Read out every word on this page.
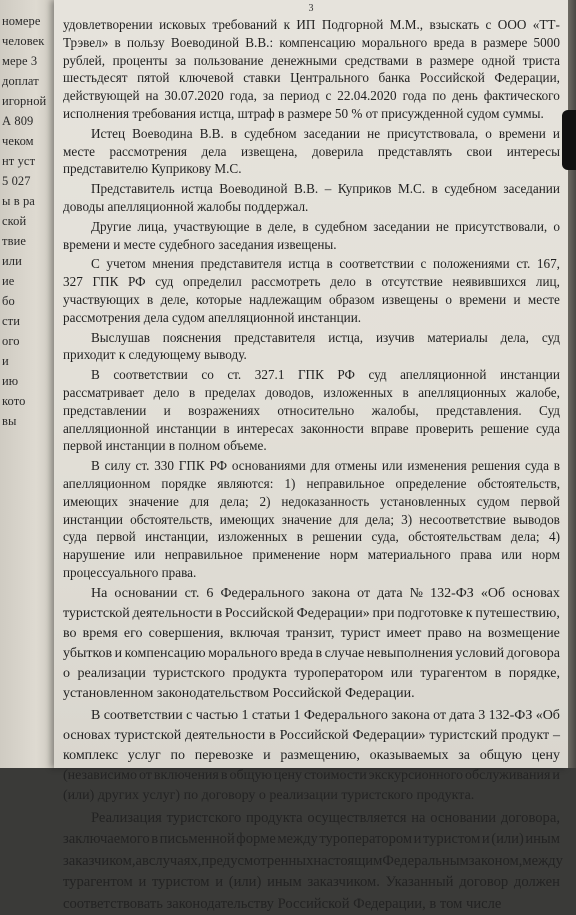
номере
человек
мере 3
доплат
игорной
А 809
чеком
нт уст
5 027
ы в ра
ской
твие
или
ие
бо
сти
ого
и
ию
кото
вы
3
удовлетворении исковых требований к ИП Подгорной М.М., взыскать с ООО «ТТ-
Трэвел» в пользу Воеводиной В.В.: компенсацию морального вреда в размере 5000
рублей, проценты за пользование денежными средствами в размере одной триста
шестьдесят пятой ключевой ставки Центрального банка Российской Федерации,
действующей на 30.07.2020 года, за период с 22.04.2020 года по день фактического
исполнения требования истца, штраф в размере 50 % от присужденной судом суммы.
Истец Воеводина В.В. в судебном заседании не присутствовала, о времени и
месте рассмотрения дела извещена, доверила представлять свои интересы
представителю Куприкову М.С.
Представитель истца Воеводиной В.В. – Куприков М.С. в судебном заседании
доводы апелляционной жалобы поддержал.
Другие лица, участвующие в деле, в судебном заседании не присутствовали, о
времени и месте судебного заседания извещены.
С учетом мнения представителя истца в соответствии с положениями ст. 167,
327 ГПК РФ суд определил рассмотреть дело в отсутствие неявившихся лиц,
участвующих в деле, которые надлежащим образом извещены о времени и месте
рассмотрения дела судом апелляционной инстанции.
Выслушав пояснения представителя истца, изучив материалы дела, суд
приходит к следующему выводу.
В соответствии со ст. 327.1 ГПК РФ суд апелляционной инстанции
рассматривает дело в пределах доводов, изложенных в апелляционных жалобе,
представлении и возражениях относительно жалобы, представления. Суд
апелляционной инстанции в интересах законности вправе проверить решение суда
первой инстанции в полном объеме.
В силу ст. 330 ГПК РФ основаниями для отмены или изменения решения суда в
апелляционном порядке являются: 1) неправильное определение обстоятельств,
имеющих значение для дела; 2) недоказанность установленных судом первой
инстанции обстоятельств, имеющих значение для дела; 3) несоответствие выводов
суда первой инстанции, изложенных в решении суда, обстоятельствам дела; 4)
нарушение или неправильное применение норм материального права или норм
процессуального права.
На основании ст. 6 Федерального закона от дата № 132-ФЗ «Об основах
туристской деятельности в Российской Федерации» при подготовке к путешествию,
во время его совершения, включая транзит, турист имеет право на возмещение
убытков и компенсацию морального вреда в случае невыполнения условий договора
о реализации туристского продукта туроператором или турагентом в порядке,
установленном законодательством Российской Федерации.
В соответствии с частью 1 статьи 1 Федерального закона от дата 3 132-ФЗ «Об
основах туристской деятельности в Российской Федерации» туристский продукт –
комплекс услуг по перевозке и размещению, оказываемых за общую цену
(независимо от включения в общую цену стоимости экскурсионного обслуживания и
(или) других услуг) по договору о реализации туристского продукта.
Реализация туристского продукта осуществляется на основании договора,
заключаемого в письменной форме между туроператором и туристом и (или) иным
заказчиком, а в случаях, предусмотренных настоящим Федеральным законом, между
турагентом и туристом и (или) иным заказчиком. Указанный договор должен
соответствовать законодательству Российской Федерации, в том числе
